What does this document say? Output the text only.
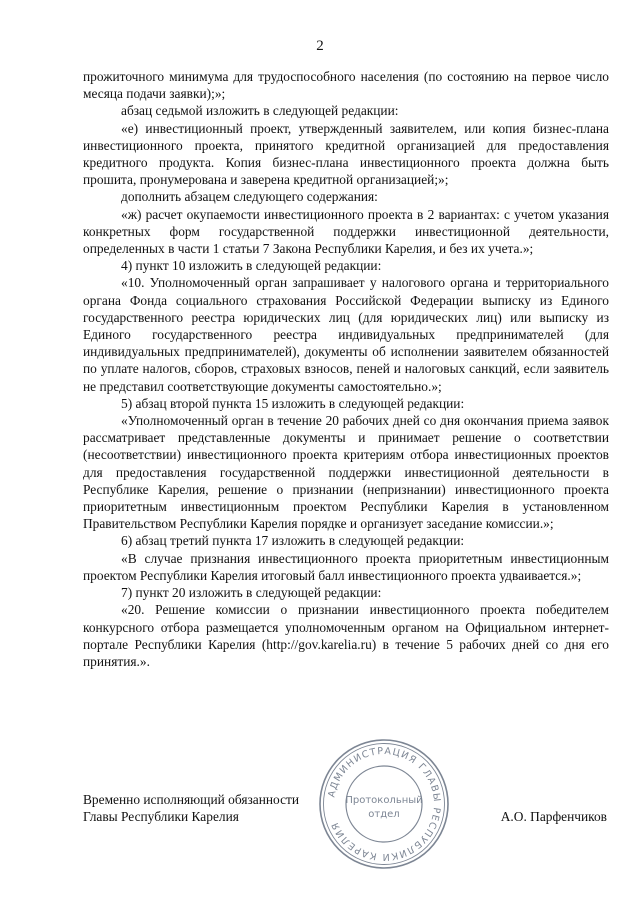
2

прожиточного минимума для трудоспособного населения (по состоянию на первое число месяца подачи заявки);»;

абзац седьмой изложить в следующей редакции:

«е) инвестиционный проект, утвержденный заявителем, или копия бизнес-плана инвестиционного проекта, принятого кредитной организацией для предоставления кредитного продукта. Копия бизнес-плана инвестиционного проекта должна быть прошита, пронумерована и заверена кредитной организацией;»;

дополнить абзацем следующего содержания:

«ж) расчет окупаемости инвестиционного проекта в 2 вариантах: с учетом указания конкретных форм государственной поддержки инвестиционной деятельности, определенных в части 1 статьи 7 Закона Республики Карелия, и без их учета.»;

4) пункт 10 изложить в следующей редакции:

«10. Уполномоченный орган запрашивает у налогового органа и территориального органа Фонда социального страхования Российской Федерации выписку из Единого государственного реестра юридических лиц (для юридических лиц) или выписку из Единого государственного реестра индивидуальных предпринимателей (для индивидуальных предпринимателей), документы об исполнении заявителем обязанностей по уплате налогов, сборов, страховых взносов, пеней и налоговых санкций, если заявитель не представил соответствующие документы самостоятельно.»;

5) абзац второй пункта 15 изложить в следующей редакции:

«Уполномоченный орган в течение 20 рабочих дней со дня окончания приема заявок рассматривает представленные документы и принимает решение о соответствии (несоответствии) инвестиционного проекта критериям отбора инвестиционных проектов для предоставления государственной поддержки инвестиционной деятельности в Республике Карелия, решение о признании (непризнании) инвестиционного проекта приоритетным инвестиционным проектом Республики Карелия в установленном Правительством Республики Карелия порядке и организует заседание комиссии.»;

6) абзац третий пункта 17 изложить в следующей редакции:

«В случае признания инвестиционного проекта приоритетным инвестиционным проектом Республики Карелия итоговый балл инвестиционного проекта удваивается.»;

7) пункт 20 изложить в следующей редакции:

«20. Решение комиссии о признании инвестиционного проекта победителем конкурсного отбора размещается уполномоченным органом на Официальном интернет-портале Республики Карелия (http://gov.karelia.ru) в течение 5 рабочих дней со дня его принятия.».

Временно исполняющий обязанности
Главы Республики Карелия	А.О. Парфенчиков
АДМИНИСТРАЦИЯ ГЛАВЫ РЕСПУБЛИКИ КАРЕЛИЯ
Протокольный
отдел
